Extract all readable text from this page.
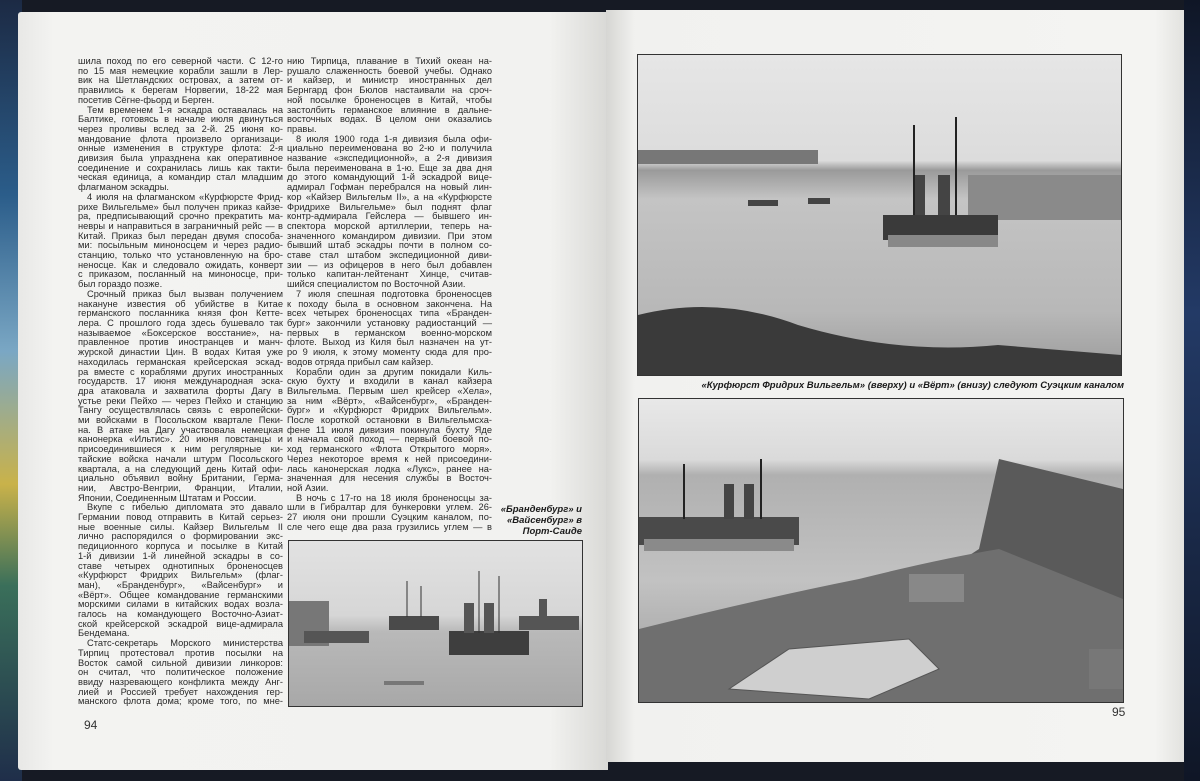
шила поход по его северной части. С 12-го
по 15 мая немецкие корабли зашли в Лер-
вик на Шетландских островах, а затем от-
правились к берегам Норвегии, 18-22 мая
посетив Сёгне-фьорд и Берген.
Тем временем 1-я эскадра оставалась на
Балтике, готовясь в начале июля двинуться
через проливы вслед за 2-й. 25 июня ко-
мандование флота произвело организаци-
онные изменения в структуре флота: 2-я
дивизия была упразднена как оперативное
соединение и сохранилась лишь как такти-
ческая единица, а командир стал младшим
флагманом эскадры.
4 июля на флагманском «Курфюрсте Фрид-
рихе Вильгельме» был получен приказ кайзе-
ра, предписывающий срочно прекратить ма-
невры и направиться в заграничный рейс — в
Китай. Приказ был передан двумя способа-
ми: посыльным миноносцем и через радио-
станцию, только что установленную на бро-
неносце. Как и следовало ожидать, конверт
с приказом, посланный на миноносце, при-
был гораздо позже.
Срочный приказ был вызван получением
накануне известия об убийстве в Китае
германского посланника князя фон Кетте-
лера. С прошлого года здесь бушевало так
называемое «Боксерское восстание», на-
правленное против иностранцев и манч-
журской династии Цин. В водах Китая уже
находилась германская крейсерская эскад-
ра вместе с кораблями других иностранных
государств. 17 июня международная эска-
дра атаковала и захватила форты Дагу в
устье реки Пейхо — через Пейхо и станцию
Тангу осуществлялась связь с европейски-
ми войсками в Посольском квартале Пеки-
на. В атаке на Дагу участвовала немецкая
канонерка «Ильтис». 20 июня повстанцы и
присоединившиеся к ним регулярные ки-
тайские войска начали штурм Посольского
квартала, а на следующий день Китай офи-
циально объявил войну Британии, Герма-
нии, Австро-Венгрии, Франции, Италии,
Японии, Соединенным Штатам и России.
Вкупе с гибелью дипломата это давало
Германии повод отправить в Китай серьез-
ные военные силы. Кайзер Вильгельм II
лично распорядился о формировании экс-
педиционного корпуса и посылке в Китай
1-й дивизии 1-й линейной эскадры в со-
ставе четырех однотипных броненосцев
«Курфюрст Фридрих Вильгельм» (флаг-
ман), «Бранденбург», «Вайсенбург» и
«Вёрт». Общее командование германскими
морскими силами в китайских водах возла-
галось на командующего Восточно-Азиат-
ской крейсерской эскадрой вице-адмирала
Бендемана.
Статс-секретарь Морского министерства
Тирпиц протестовал против посылки на
Восток самой сильной дивизии линкоров:
он считал, что политическое положение
ввиду назревающего конфликта между Анг-
лией и Россией требует нахождения гер-
манского флота дома; кроме того, по мне-
нию Тирпица, плавание в Тихий океан на-
рушало слаженность боевой учебы. Однако
и кайзер, и министр иностранных дел
Бернгард фон Бюлов настаивали на сроч-
ной посылке броненосцев в Китай, чтобы
застолбить германское влияние в дальне-
восточных водах. В целом они оказались
правы.
8 июля 1900 года 1-я дивизия была офи-
циально переименована во 2-ю и получила
название «экспедиционной», а 2-я дивизия
была переименована в 1-ю. Еще за два дня
до этого командующий 1-й эскадрой вице-
адмирал Гофман перебрался на новый лин-
кор «Кайзер Вильгельм II», а на «Курфюрсте
Фридрихе Вильгельме» был поднят флаг
контр-адмирала Гейслера — бывшего ин-
спектора морской артиллерии, теперь на-
значенного командиром дивизии. При этом
бывший штаб эскадры почти в полном со-
ставе стал штабом экспедиционной диви-
зии — из офицеров в него был добавлен
только капитан-лейтенант Хинце, считав-
шийся специалистом по Восточной Азии.
7 июля спешная подготовка броненосцев
к походу была в основном закончена. На
всех четырех броненосцах типа «Бранден-
бург» закончили установку радиостанций —
первых в германском военно-морском
флоте. Выход из Киля был назначен на ут-
ро 9 июля, к этому моменту сюда для про-
водов отряда прибыл сам кайзер.
Корабли один за другим покидали Киль-
скую бухту и входили в канал кайзера
Вильгельма. Первым шел крейсер «Хела»,
за ним «Вёрт», «Вайсенбург», «Бранден-
бург» и «Курфюрст Фридрих Вильгельм».
После короткой остановки в Вильгельмсха-
фене 11 июля дивизия покинула бухту Яде
и начала свой поход — первый боевой по-
ход германского «Флота Открытого моря».
Через некоторое время к ней присоедини-
лась канонерская лодка «Лукс», ранее на-
значенная для несения службы в Восточ-
ной Азии.
В ночь с 17-го на 18 июля броненосцы за-
шли в Гибралтар для бункеровки углем. 26-
27 июля они прошли Суэцким каналом, по-
сле чего еще два раза грузились углем — в
«Бранденбург» и
«Вайсенбург» в
Порт-Саиде
94
«Курфюрст Фридрих Вильгельм» (вверху) и «Вёрт» (внизу) следуют Суэцким каналом
95
